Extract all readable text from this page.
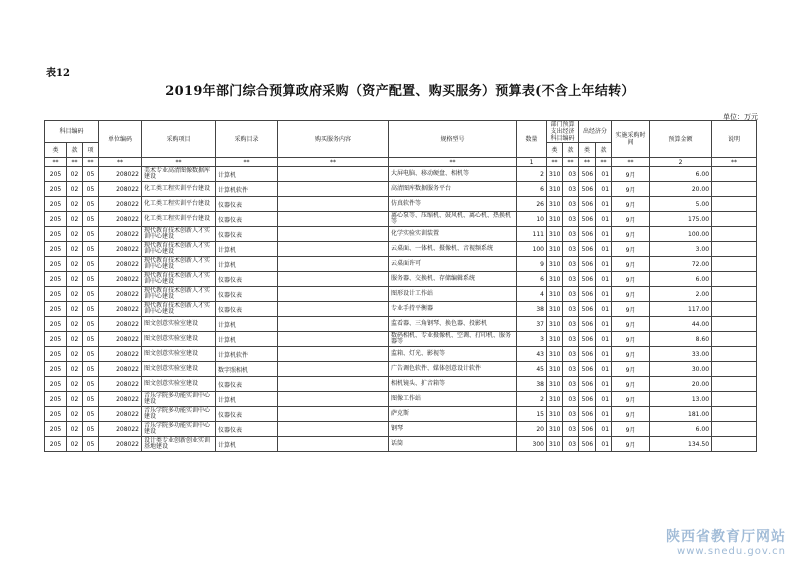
表12
2019年部门综合预算政府采购（资产配置、购买服务）预算表(不含上年结转）
单位：万元
科目编码			单位编码	采购项目	采购目录	购买服务内容	规格型号	数量	部门预算支出经济科目编码		出经济分		实施采购时间	预算金额	说明
类	款	项							类	款	类	款			
**	**	**	**	**	**	**	**	1	**	**	**	**	**	2	**
205	02	05	208022	美术专业高清图像数据库建设	计算机		大屏电脑、移动硬盘、相机等	2	310	03	506	01	9月	6.00	
205	02	05	208022	化工类工程实训平台建设	计算机软件		高清图库数据服务平台	6	310	03	506	01	9月	20.00	
205	02	05	208022	化工类工程实训平台建设	仪器仪表		仿真软件等	26	310	03	506	01	9月	5.00	
205	02	05	208022	化工类工程实训平台建设	仪器仪表		离心泵等、压缩机、鼓风机、离心机、热换机等	10	310	03	506	01	9月	175.00	
205	02	05	208022	现代教育技术创新人才实训中心建设	仪器仪表		化学实验实训装置	111	310	03	506	01	9月	100.00	
205	02	05	208022	现代教育技术创新人才实训中心建设	计算机		云桌面、一体机、摄像机、音视频系统	100	310	03	506	01	9月	3.00	
205	02	05	208022	现代教育技术创新人才实训中心建设	计算机		云桌面许可	9	310	03	506	01	9月	72.00	
205	02	05	208022	现代教育技术创新人才实训中心建设	仪器仪表		服务器、交换机、存储编辑系统	6	310	03	506	01	9月	6.00	
205	02	05	208022	现代教育技术创新人才实训中心建设	仪器仪表		图形设计工作站	4	310	03	506	01	9月	2.00	
205	02	05	208022	现代教育技术创新人才实训中心建设	仪器仪表		专业手持平衡器	38	310	03	506	01	9月	117.00	
205	02	05	208022	图文创意实验室建设	计算机		监看器、三角钢琴、换色器、投影机	37	310	03	506	01	9月	44.00	
205	02	05	208022	图文创意实验室建设	计算机		数码相机、专业摄像机、空调、打印机、服务器等	3	310	03	506	01	9月	8.60	
205	02	05	208022	图文创意实验室建设	计算机软件		监箱、灯光、影视等	43	310	03	506	01	9月	33.00	
205	02	05	208022	图文创意实验室建设	数字照相机		广告调色软件、媒体创意设计软件	45	310	03	506	01	9月	30.00	
205	02	05	208022	图文创意实验室建设	仪器仪表		相机镜头、扩音箱等	38	310	03	506	01	9月	20.00	
205	02	05	208022	音乐学院多功能实训中心建设	计算机		图像工作站	2	310	03	506	01	9月	13.00	
205	02	05	208022	音乐学院多功能实训中心建设	仪器仪表		萨克斯	15	310	03	506	01	9月	181.00	
205	02	05	208022	音乐学院多功能实训中心建设	仪器仪表		钢琴	20	310	03	506	01	9月	6.00	
205	02	05	208022	设计类专业创新创业实训基地建设	计算机		话筒	300	310	03	506	01	9月	134.50	
陕西省教育厅网站
www.snedu.gov.cn
